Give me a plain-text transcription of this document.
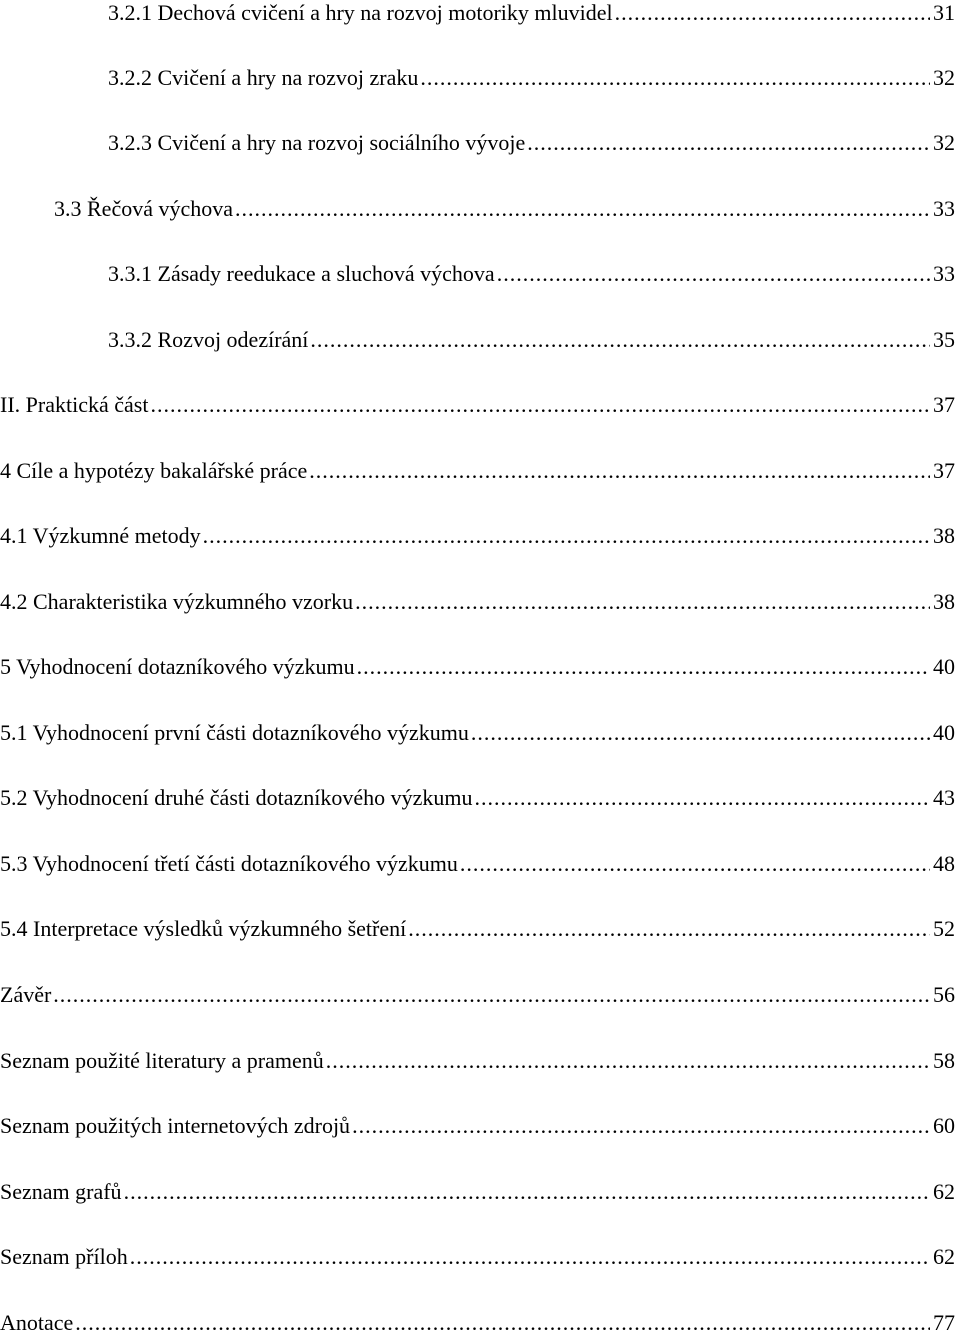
3.2.1 Dechová cvičení a hry na rozvoj motoriky mluvidel .....	31
3.2.2 Cvičení a hry na rozvoj zraku .....	32
3.2.3 Cvičení a hry na rozvoj sociálního vývoje .....	32
3.3 Řečová výchova .....	33
3.3.1 Zásady reedukace a sluchová výchova .....	33
3.3.2 Rozvoj odezírání .....	35
II. Praktická část .....	37
4 Cíle a hypotézy bakalářské práce .....	37
4.1 Výzkumné metody .....	38
4.2 Charakteristika výzkumného vzorku .....	38
5 Vyhodnocení dotazníkového výzkumu .....	40
5.1 Vyhodnocení první části dotazníkového výzkumu .....	40
5.2 Vyhodnocení druhé části dotazníkového výzkumu .....	43
5.3 Vyhodnocení třetí části dotazníkového výzkumu .....	48
5.4 Interpretace výsledků výzkumného šetření .....	52
Závěr .....	56
Seznam použité literatury a pramenů .....	58
Seznam použitých internetových zdrojů .....	60
Seznam grafů .....	62
Seznam příloh .....	62
Anotace .....	77
